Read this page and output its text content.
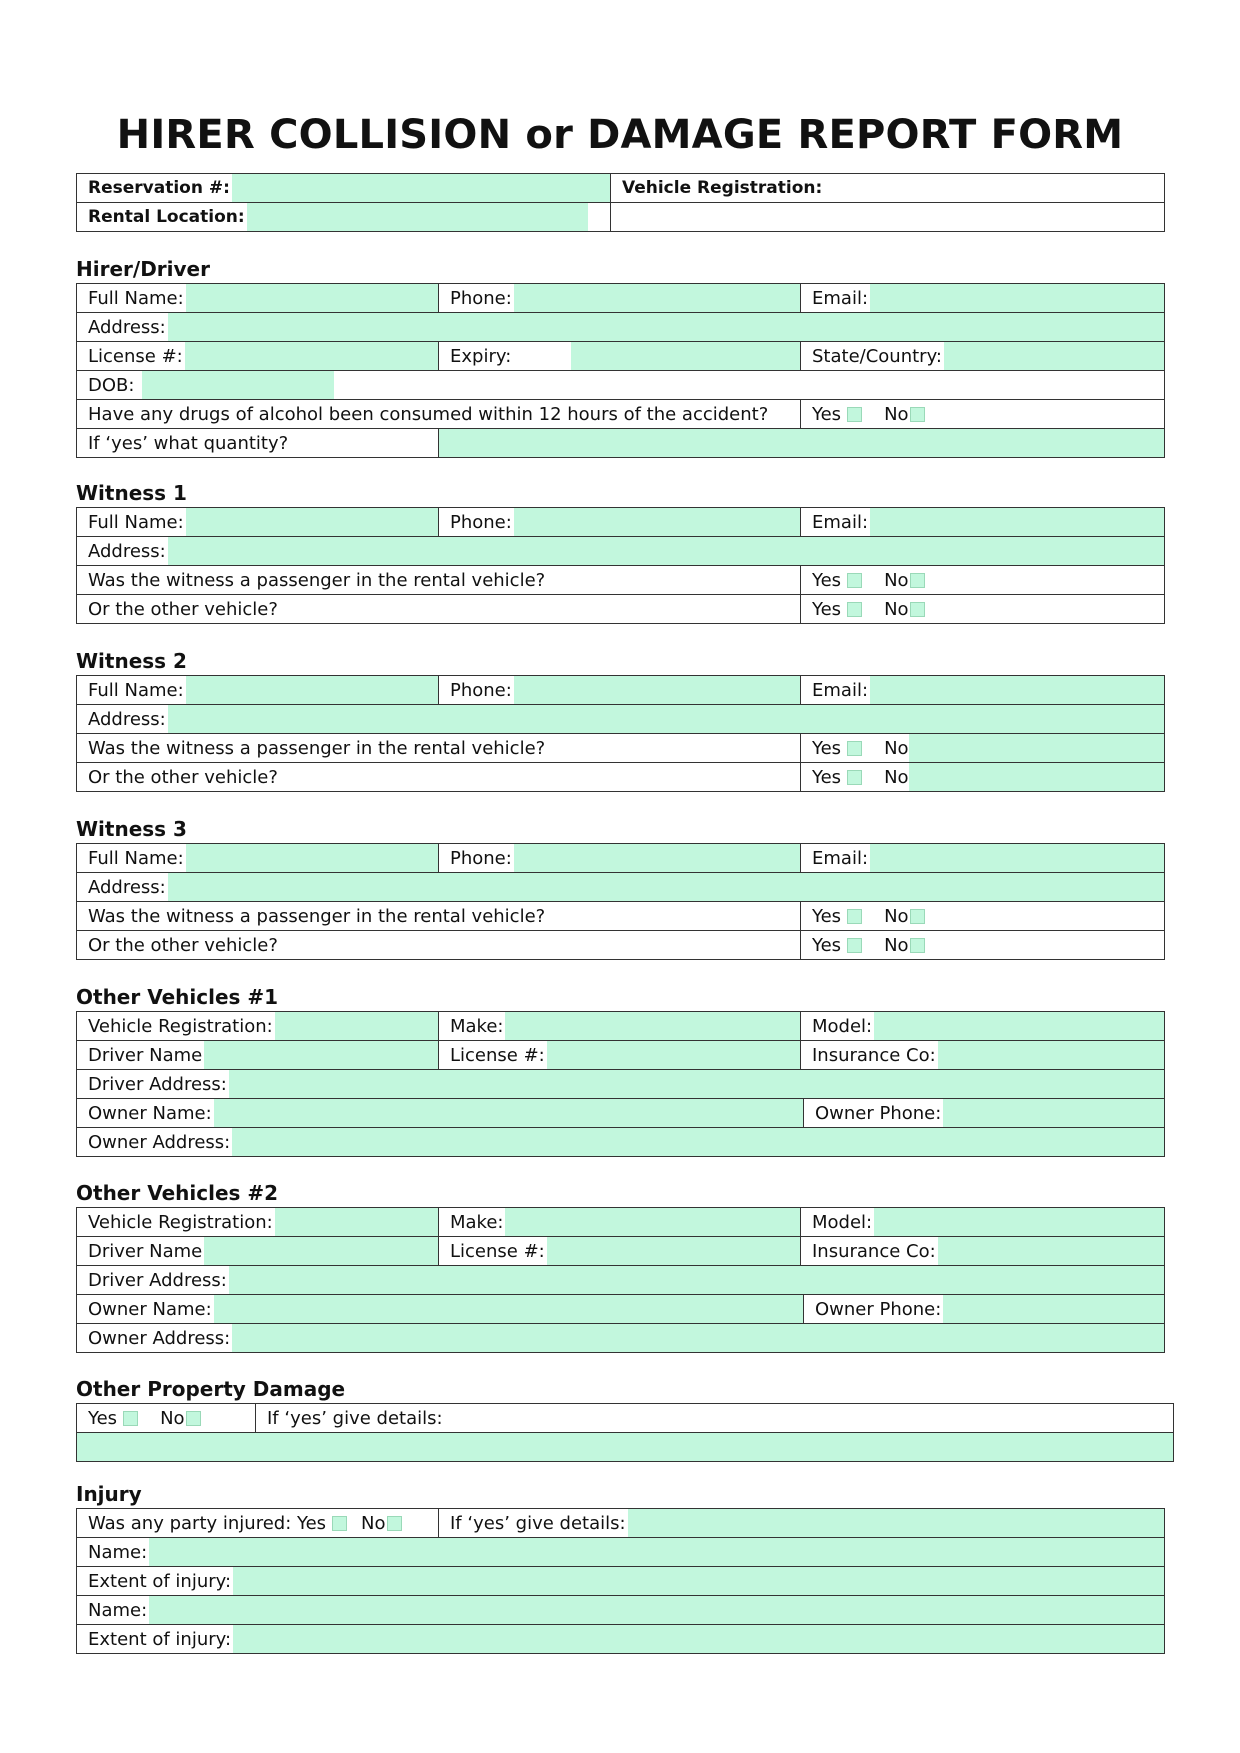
HIRER COLLISION or DAMAGE REPORT FORM
Reservation #:	Vehicle Registration:

Rental Location:	

Hirer/Driver
Full Name:	Phone:	Email:

Address:		

License #:	Expiry:	State/Country:

DOB:		

Have any drugs of alcohol been consumed within 12 hours of the accident?		Yes No

If ‘yes’ what quantity?		

Witness 1
Full Name:	Phone:	Email:

Address:		

Was the witness a passenger in the rental vehicle?		Yes No

Or the other vehicle?		Yes No
Witness 2
Full Name:	Phone:	Email:

Address:		

Was the witness a passenger in the rental vehicle?		Yes No

Or the other vehicle?		Yes No
Witness 3
Full Name:	Phone:	Email:

Address:		

Was the witness a passenger in the rental vehicle?		Yes No

Or the other vehicle?		Yes No
Other Vehicles #1
Vehicle Registration:	Make:	Model:	

Driver Name	License #:	Insurance Co:	

Driver Address:			

Owner Name:			Owner Phone:

Owner Address:			
Other Vehicles #2
Vehicle Registration:	Make:	Model:	

Driver Name	License #:	Insurance Co:	

Driver Address:			

Owner Name:			Owner Phone:

Owner Address:			
Other Property Damage
Yes No	If ‘yes’ give details:

Injury
Was any party injured: Yes No	If ‘yes’ give details:

Name:

Extent of injury:

Name:

Extent of injury:
